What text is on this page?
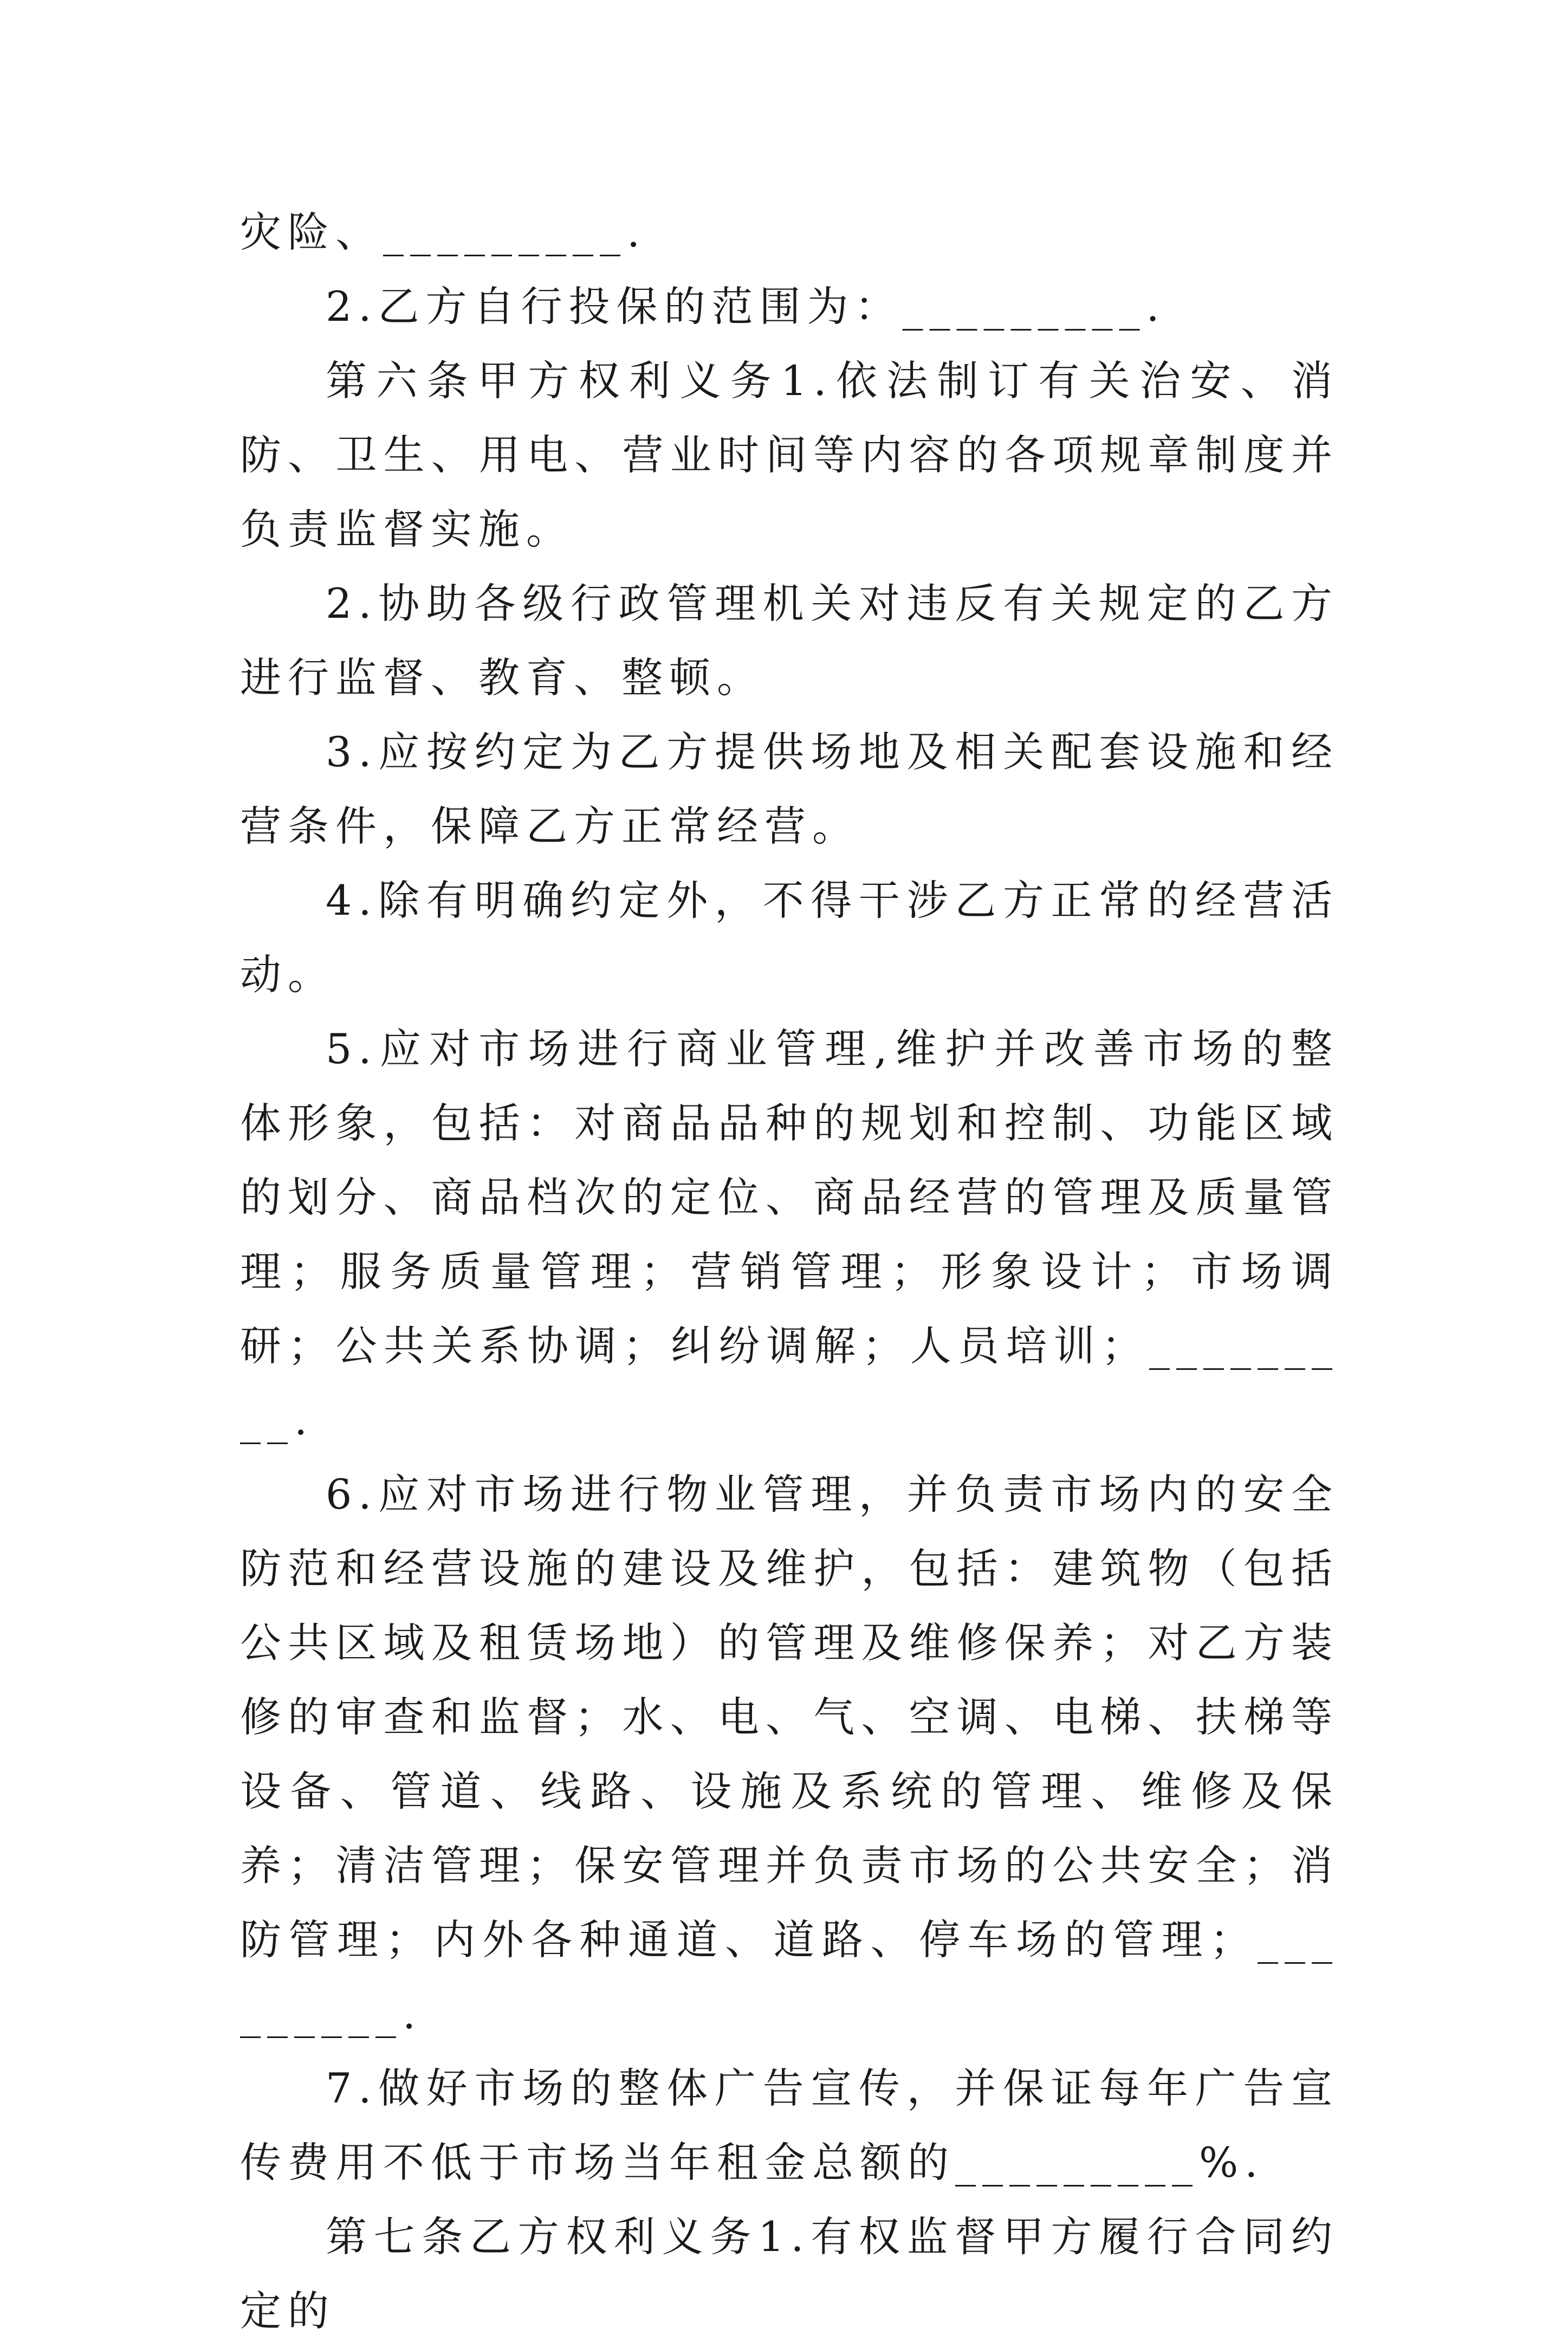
灾险、_________.

2.乙方自行投保的范围为：_________.

第六条甲方权利义务1.依法制订有关治安、消防、卫生、用电、营业时间等内容的各项规章制度并负责监督实施。

2.协助各级行政管理机关对违反有关规定的乙方进行监督、教育、整顿。

3.应按约定为乙方提供场地及相关配套设施和经营条件，保障乙方正常经营。

4.除有明确约定外，不得干涉乙方正常的经营活动。

5.应对市场进行商业管理,维护并改善市场的整体形象，包括：对商品品种的规划和控制、功能区域的划分、商品档次的定位、商品经营的管理及质量管理；服务质量管理；营销管理；形象设计；市场调研；公共关系协调；纠纷调解；人员培训；_________.

6.应对市场进行物业管理，并负责市场内的安全防范和经营设施的建设及维护，包括：建筑物（包括公共区域及租赁场地）的管理及维修保养；对乙方装修的审查和监督；水、电、气、空调、电梯、扶梯等设备、管道、线路、设施及系统的管理、维修及保养；清洁管理；保安管理并负责市场的公共安全；消防管理；内外各种通道、道路、停车场的管理；_________.

7.做好市场的整体广告宣传，并保证每年广告宣传费用不低于市场当年租金总额的_________%.

第七条乙方权利义务1.有权监督甲方履行合同约定的
